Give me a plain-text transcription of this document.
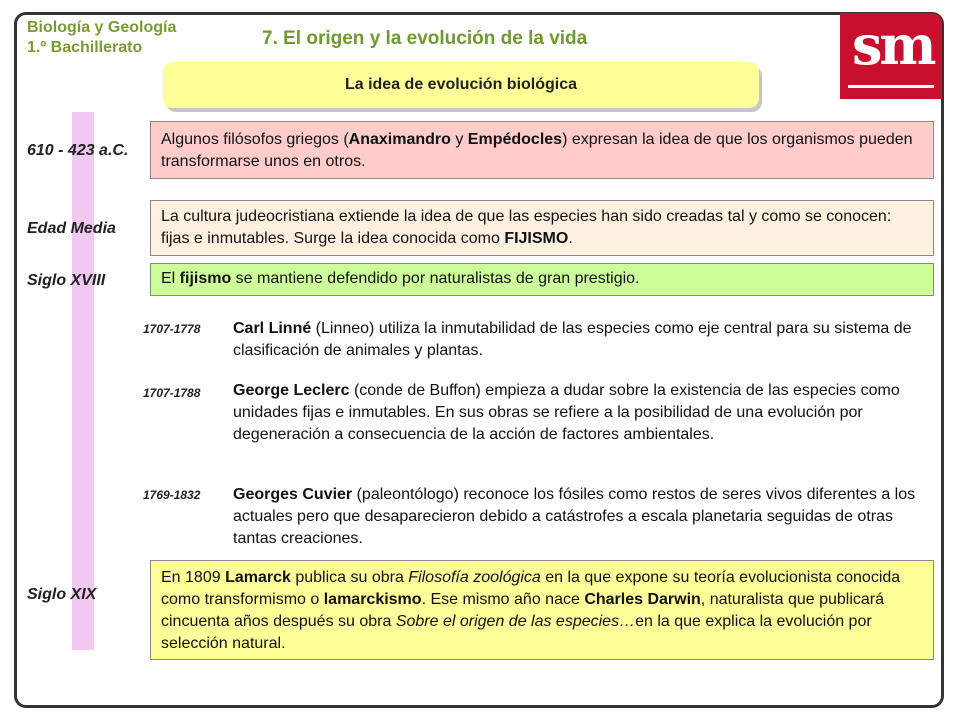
Biología y Geología
1.º Bachillerato	7. El origen y la evolución de la vida	sm
La idea de evolución biológica
610 - 423 a.C.
Edad Media
Siglo XVIII
Siglo XIX
Algunos filósofos griegos (Anaximandro y Empédocles) expresan la idea de que los organismos pueden transformarse unos en otros.
La cultura judeocristiana extiende la idea de que las especies han sido creadas tal y como se conocen: fijas e inmutables. Surge la idea conocida como FIJISMO.
El fijismo se mantiene defendido por naturalistas de gran prestigio.
1707-1778 Carl Linné (Linneo) utiliza la inmutabilidad de las especies como eje central para su sistema de clasificación de animales y plantas.
1707-1788 George Leclerc (conde de Buffon) empieza a dudar sobre la existencia de las especies como unidades fijas e inmutables. En sus obras se refiere a la posibilidad de una evolución por degeneración a consecuencia de la acción de factores ambientales.
1769-1832 Georges Cuvier (paleontólogo) reconoce los fósiles como restos de seres vivos diferentes a los actuales pero que desaparecieron debido a catástrofes a escala planetaria seguidas de otras tantas creaciones.
En 1809 Lamarck publica su obra Filosofía zoológica en la que expone su teoría evolucionista conocida como transformismo o lamarckismo. Ese mismo año nace Charles Darwin, naturalista que publicará cincuenta años después su obra Sobre el origen de las especies…en la que explica la evolución por selección natural.
